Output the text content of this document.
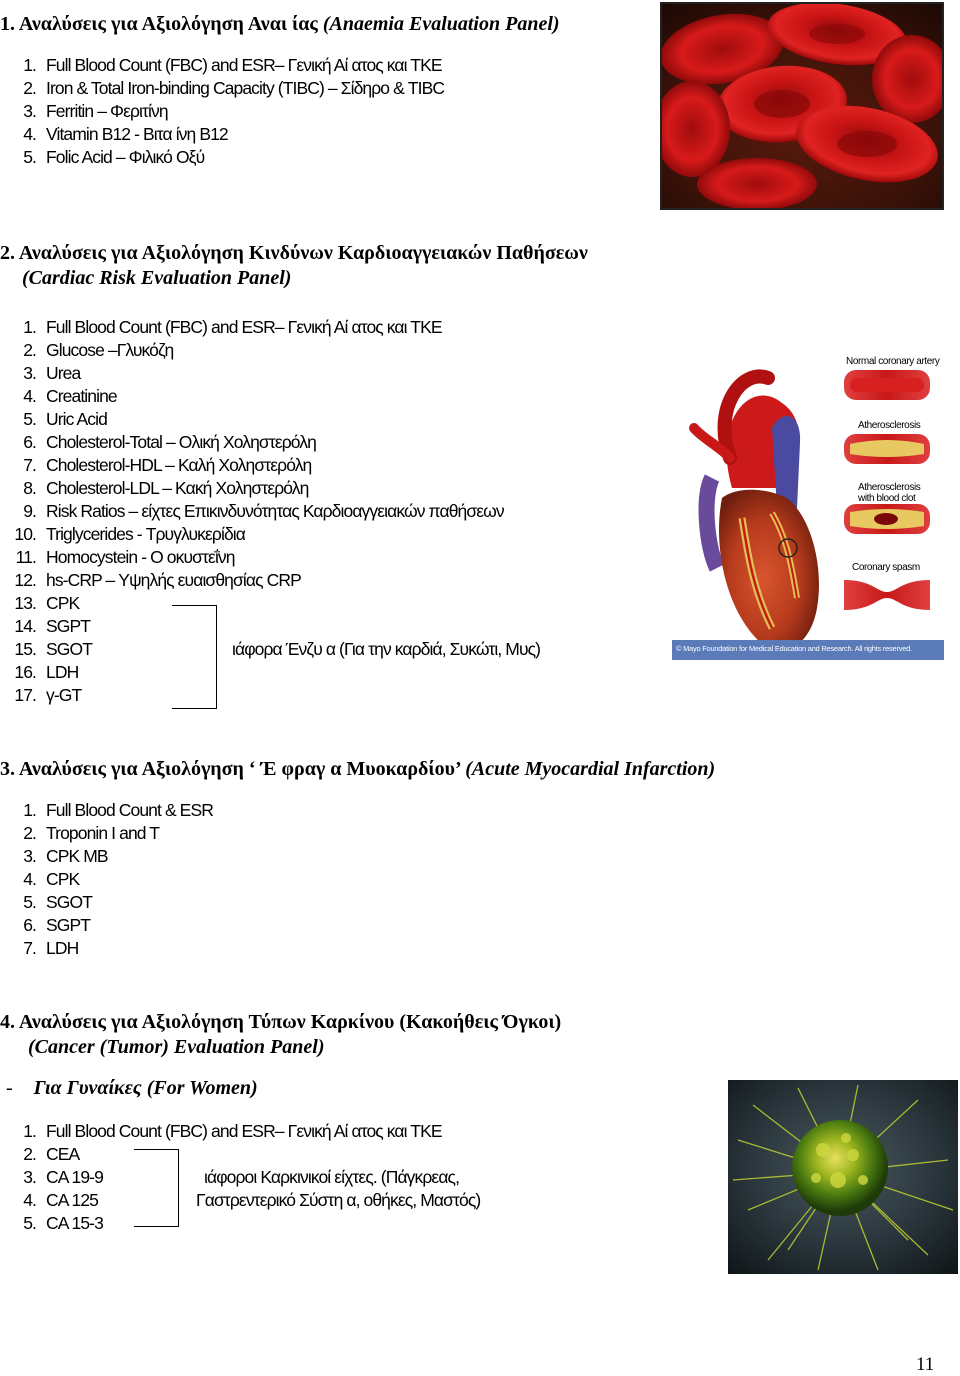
1. Αναλύσεις για Αξιολόγηση Αναι ίας (Anaemia Evaluation Panel)
1. Full Blood Count (FBC) and ESR– Γενική Αί ατος και ΤΚΕ
2. Iron & Total Iron-binding Capacity (TIBC) – Σίδηρο & TIBC
3. Ferritin – Φεριτίνη
4. Vitamin B12 - Βιτα ίνη Β12
5. Folic Acid – Φιλικό Οξύ
2. Αναλύσεις για Αξιολόγηση Κινδύνων Καρδιοαγγειακών Παθήσεων
(Cardiac Risk Evaluation Panel)
1. Full Blood Count (FBC) and ESR– Γενική Αί ατος και ΤΚΕ
2. Glucose –Γλυκόζη
3. Urea
4. Creatinine
5. Uric Acid
6. Cholesterol-Total – Ολική Χοληστερόλη
7. Cholesterol-HDL – Καλή Χοληστερόλη
8. Cholesterol-LDL – Κακή Χοληστερόλη
9. Risk Ratios – είχτες Επικινδυνότητας Καρδιοαγγειακών παθήσεων
10. Triglycerides - Τρυγλυκερίδια
11. Homocystein - Ο οκυστεΐνη
12. hs-CRP – Υψηλής ευαισθησίας CRP
13. CPK
14. SGPT
15. SGOT
16. LDH
17. γ-GT
ιάφορα Ένζυ α (Για την καρδιά, Συκώτι, Μυς)
Normal coronary artery
Atherosclerosis
Atherosclerosis
with blood clot
Coronary spasm
© Mayo Foundation for Medical Education and Research. All rights reserved.
3. Αναλύσεις για Αξιολόγηση ‘ Έ φραγ α Μυοκαρδίου’ (Acute Myocardial Infarction)
1. Full Blood Count & ESR
2. Troponin I and T
3. CPK MB
4. CPK
5. SGOT
6. SGPT
7. LDH
4. Αναλύσεις για Αξιολόγηση Τύπων Καρκίνου (Κακοήθεις Όγκοι)
(Cancer (Tumor) Evaluation Panel)
- Για Γυναίκες (For Women)
1. Full Blood Count (FBC) and ESR– Γενική Αί ατος και ΤΚΕ
2. CEA
3. CA 19-9
4. CA 125
5. CA 15-3
ιάφοροι Καρκινικοί είχτες. (Πάγκρεας,
Γαστρεντερικό Σύστη α, οθήκες, Μαστός)
11
